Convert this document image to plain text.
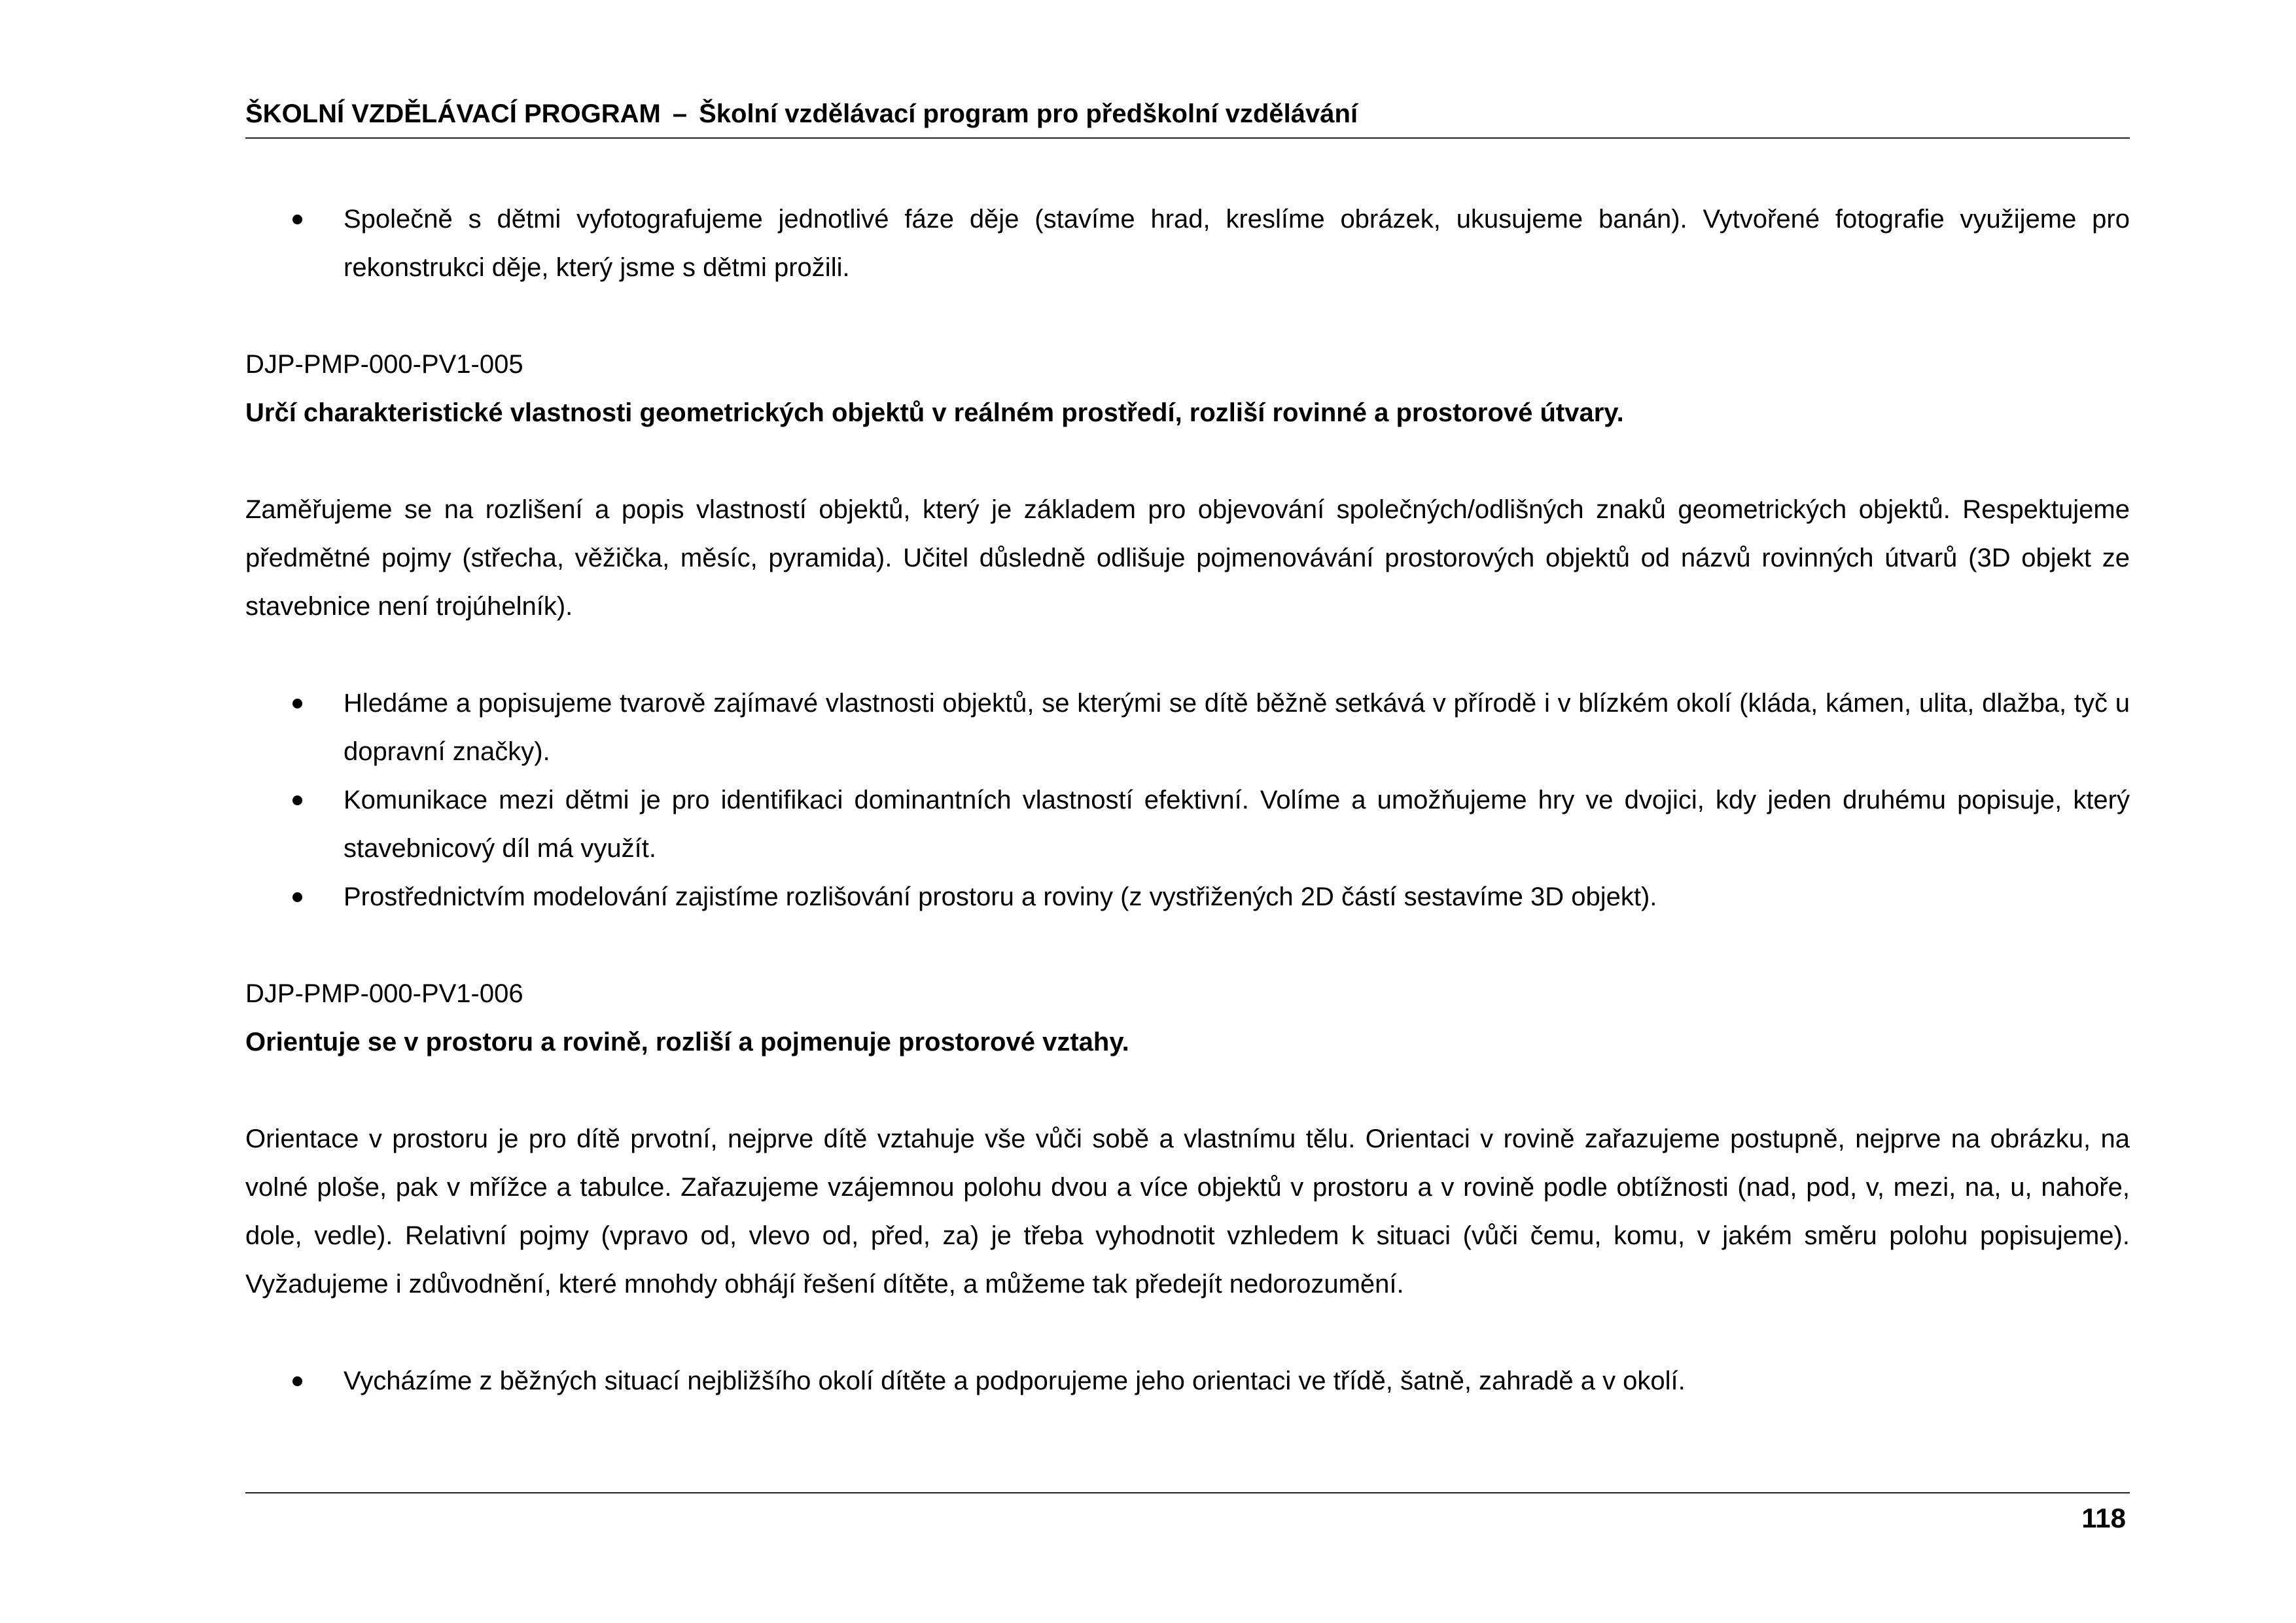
ŠKOLNÍ VZDĚLÁVACÍ PROGRAM – Školní vzdělávací program pro předškolní vzdělávání
Společně s dětmi vyfotografujeme jednotlivé fáze děje (stavíme hrad, kreslíme obrázek, ukusujeme banán). Vytvořené fotografie využijeme pro rekonstrukci děje, který jsme s dětmi prožili.
DJP-PMP-000-PV1-005
Určí charakteristické vlastnosti geometrických objektů v reálném prostředí, rozliší rovinné a prostorové útvary.

Zaměřujeme se na rozlišení a popis vlastností objektů, který je základem pro objevování společných/odlišných znaků geometrických objektů. Respektujeme předmětné pojmy (střecha, věžička, měsíc, pyramida). Učitel důsledně odlišuje pojmenovávání prostorových objektů od názvů rovinných útvarů (3D objekt ze stavebnice není trojúhelník).

Hledáme a popisujeme tvarově zajímavé vlastnosti objektů, se kterými se dítě běžně setkává v přírodě i v blízkém okolí (kláda, kámen, ulita, dlažba, tyč u dopravní značky).
Komunikace mezi dětmi je pro identifikaci dominantních vlastností efektivní. Volíme a umožňujeme hry ve dvojici, kdy jeden druhému popisuje, který stavebnicový díl má využít.
Prostřednictvím modelování zajistíme rozlišování prostoru a roviny (z vystřižených 2D částí sestavíme 3D objekt).
DJP-PMP-000-PV1-006
Orientuje se v prostoru a rovině, rozliší a pojmenuje prostorové vztahy.

Orientace v prostoru je pro dítě prvotní, nejprve dítě vztahuje vše vůči sobě a vlastnímu tělu. Orientaci v rovině zařazujeme postupně, nejprve na obrázku, na volné ploše, pak v mřížce a tabulce. Zařazujeme vzájemnou polohu dvou a více objektů v prostoru a v rovině podle obtížnosti (nad, pod, v, mezi, na, u, nahoře, dole, vedle). Relativní pojmy (vpravo od, vlevo od, před, za) je třeba vyhodnotit vzhledem k situaci (vůči čemu, komu, v jakém směru polohu popisujeme). Vyžadujeme i zdůvodnění, které mnohdy obhájí řešení dítěte, a můžeme tak předejít nedorozumění.

Vycházíme z běžných situací nejbližšího okolí dítěte a podporujeme jeho orientaci ve třídě, šatně, zahradě a v okolí.
118
